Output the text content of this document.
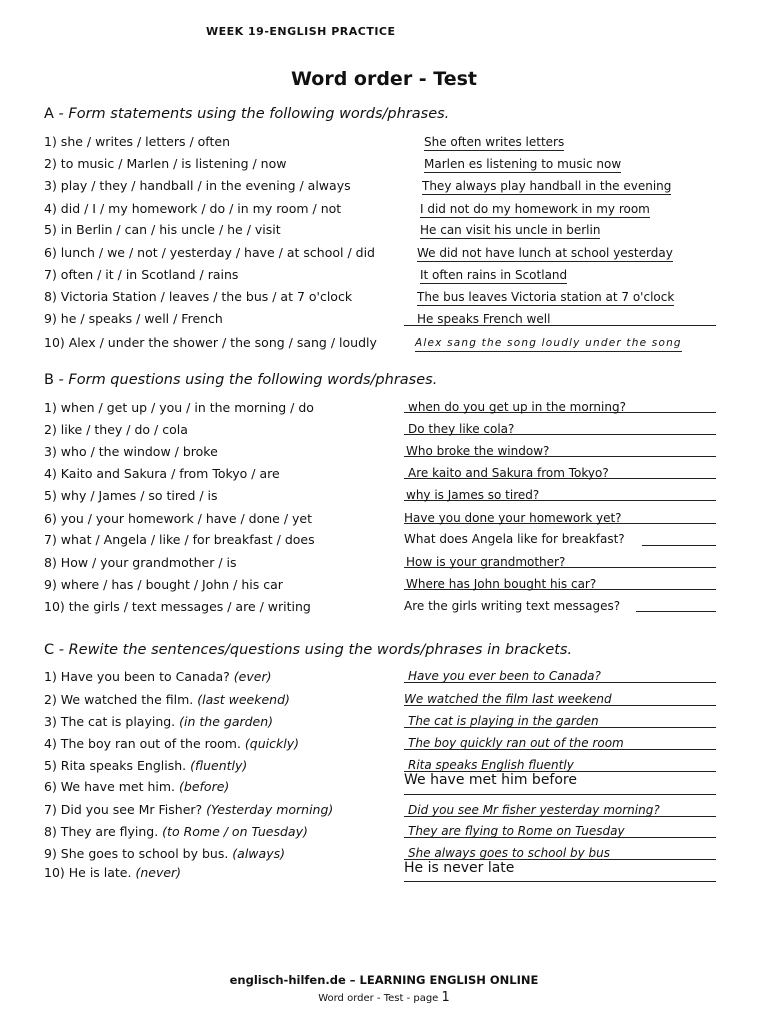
WEEK 19-ENGLISH PRACTICE
Word order - Test
A - Form statements using the following words/phrases.
1) she / writes / letters / often	She often writes letters
2) to music / Marlen / is listening / now	Marlen es listening to music now
3) play / they / handball / in the evening / always	They always play handball in the evening
4) did / I / my homework / do / in my room / not	I did not do my homework in my room
5) in Berlin / can / his uncle / he / visit	He can visit his uncle in berlin
6) lunch / we / not / yesterday / have / at school / did	We did not have lunch at school yesterday
7) often / it / in Scotland / rains	It often rains in Scotland
8) Victoria Station / leaves / the bus / at 7 o'clock	The bus leaves Victoria station at 7 o'clock
9) he / speaks / well / French	He speaks French well
10) Alex / under the shower / the song / sang / loudly	Alex sang the song loudly under the song
B - Form questions using the following words/phrases.
1) when / get up / you / in the morning / do	when do you get up in the morning?
2) like / they / do / cola	Do they like cola?
3) who / the window / broke	Who broke the window?
4) Kaito and Sakura / from Tokyo / are	Are kaito and Sakura from Tokyo?
5) why / James / so tired / is	why is James so tired?
6) you / your homework / have / done / yet	Have you done your homework yet?
7) what / Angela / like / for breakfast / does	What does Angela like for breakfast?
8) How / your grandmother / is	How is your grandmother?
9) where / has / bought / John / his car	Where has John bought his car?
10) the girls / text messages / are / writing	Are the girls writing text messages?
C - Rewite the sentences/questions using the words/phrases in brackets.
1) Have you been to Canada? (ever)	Have you ever been to Canada?
2) We watched the film. (last weekend)	We watched the film last weekend
3) The cat is playing. (in the garden)	The cat is playing in the garden
4) The boy ran out of the room. (quickly)	The boy quickly ran out of the room
5) Rita speaks English. (fluently)	Rita speaks English fluently
6) We have met him. (before)	We have met him before
7) Did you see Mr Fisher? (Yesterday morning)	Did you see Mr fisher yesterday morning?
8) They are flying. (to Rome / on Tuesday)	They are flying to Rome on Tuesday
9) She goes to school by bus. (always)	She always goes to school by bus
10) He is late. (never)	He is never late
englisch-hilfen.de – LEARNING ENGLISH ONLINE
Word order - Test - page 1
